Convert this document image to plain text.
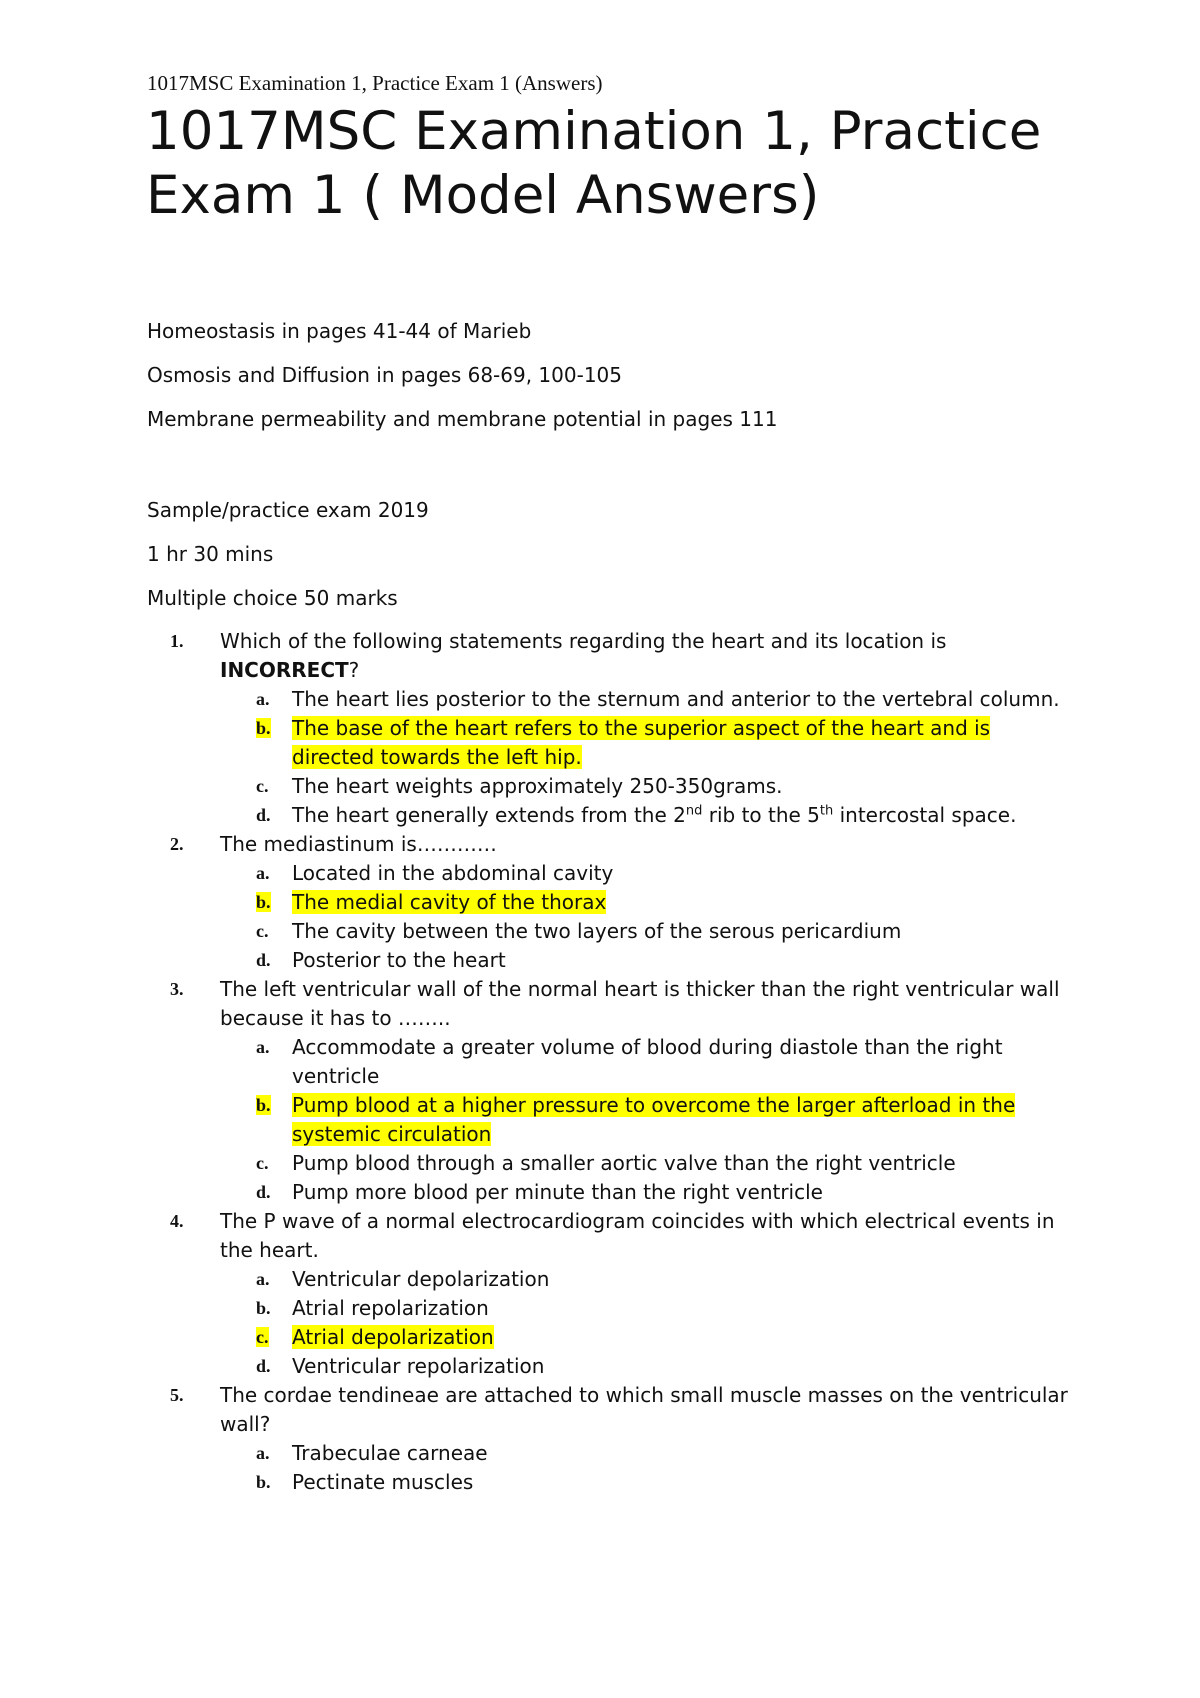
1017MSC Examination 1, Practice Exam 1 (Answers)
1017MSC Examination 1, Practice Exam 1 ( Model Answers)

Homeostasis in pages 41-44 of Marieb

Osmosis and Diffusion in pages 68-69, 100-105

Membrane permeability and membrane potential in pages 111

Sample/practice exam 2019

1 hr 30 mins

Multiple choice 50 marks

1.	Which of the following statements regarding the heart and its location is INCORRECT?
a.	The heart lies posterior to the sternum and anterior to the vertebral column.
b.	The base of the heart refers to the superior aspect of the heart and is directed towards the left hip.
c.	The heart weights approximately 250-350grams.
d.	The heart generally extends from the 2nd rib to the 5th intercostal space.
2.	The mediastinum is…………
a.	Located in the abdominal cavity
b.	The medial cavity of the thorax
c.	The cavity between the two layers of the serous pericardium
d.	Posterior to the heart
3.	The left ventricular wall of the normal heart is thicker than the right ventricular wall because it has to ……..
a.	Accommodate a greater volume of blood during diastole than the right ventricle
b.	Pump blood at a higher pressure to overcome the larger afterload in the systemic circulation
c.	Pump blood through a smaller aortic valve than the right ventricle
d.	Pump more blood per minute than the right ventricle
4.	The P wave of a normal electrocardiogram coincides with which electrical events in the heart.
a.	Ventricular depolarization
b.	Atrial repolarization
c.	Atrial depolarization
d.	Ventricular repolarization
5.	The cordae tendineae are attached to which small muscle masses on the ventricular wall?
a.	Trabeculae carneae
b.	Pectinate muscles
